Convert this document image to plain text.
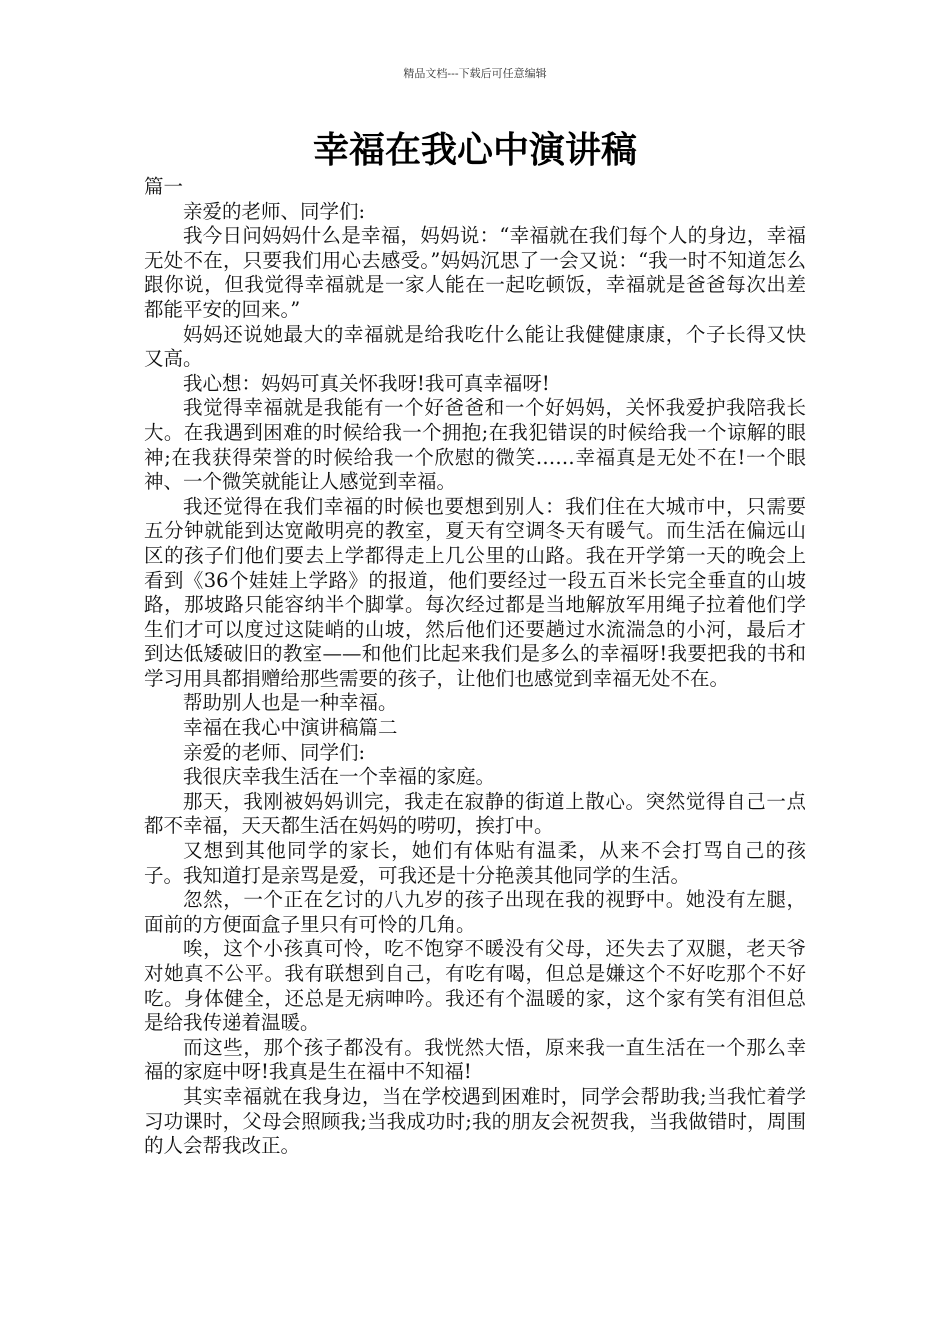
精品文档---下载后可任意编辑
幸福在我心中演讲稿

篇一

亲爱的老师、同学们:

我今日问妈妈什么是幸福，妈妈说：“幸福就在我们每个人的身边，幸福无处不在，只要我们用心去感受。”妈妈沉思了一会又说：“我一时不知道怎么跟你说，但我觉得幸福就是一家人能在一起吃顿饭，幸福就是爸爸每次出差都能平安的回来。”

妈妈还说她最大的幸福就是给我吃什么能让我健健康康，个子长得又快又高。

我心想：妈妈可真关怀我呀!我可真幸福呀!

我觉得幸福就是我能有一个好爸爸和一个好妈妈，关怀我爱护我陪我长大。在我遇到困难的时候给我一个拥抱;在我犯错误的时候给我一个谅解的眼神;在我获得荣誉的时候给我一个欣慰的微笑……幸福真是无处不在!一个眼神、一个微笑就能让人感觉到幸福。

我还觉得在我们幸福的时候也要想到别人：我们住在大城市中，只需要五分钟就能到达宽敞明亮的教室，夏天有空调冬天有暖气。而生活在偏远山区的孩子们他们要去上学都得走上几公里的山路。我在开学第一天的晚会上看到《36个娃娃上学路》的报道，他们要经过一段五百米长完全垂直的山坡路，那坡路只能容纳半个脚掌。每次经过都是当地解放军用绳子拉着他们学生们才可以度过这陡峭的山坡，然后他们还要趟过水流湍急的小河，最后才到达低矮破旧的教室——和他们比起来我们是多么的幸福呀!我要把我的书和学习用具都捐赠给那些需要的孩子，让他们也感觉到幸福无处不在。

帮助别人也是一种幸福。

幸福在我心中演讲稿篇二

亲爱的老师、同学们:

我很庆幸我生活在一个幸福的家庭。

那天，我刚被妈妈训完，我走在寂静的街道上散心。突然觉得自己一点都不幸福，天天都生活在妈妈的唠叨，挨打中。

又想到其他同学的家长，她们有体贴有温柔，从来不会打骂自己的孩子。我知道打是亲骂是爱，可我还是十分艳羡其他同学的生活。

忽然，一个正在乞讨的八九岁的孩子出现在我的视野中。她没有左腿，面前的方便面盒子里只有可怜的几角。

唉，这个小孩真可怜，吃不饱穿不暖没有父母，还失去了双腿，老天爷对她真不公平。我有联想到自己，有吃有喝，但总是嫌这个不好吃那个不好吃。身体健全，还总是无病呻吟。我还有个温暖的家，这个家有笑有泪但总是给我传递着温暖。

而这些，那个孩子都没有。我恍然大悟，原来我一直生活在一个那么幸福的家庭中呀!我真是生在福中不知福!

其实幸福就在我身边，当在学校遇到困难时，同学会帮助我;当我忙着学习功课时，父母会照顾我;当我成功时;我的朋友会祝贺我，当我做错时，周围的人会帮我改正。
